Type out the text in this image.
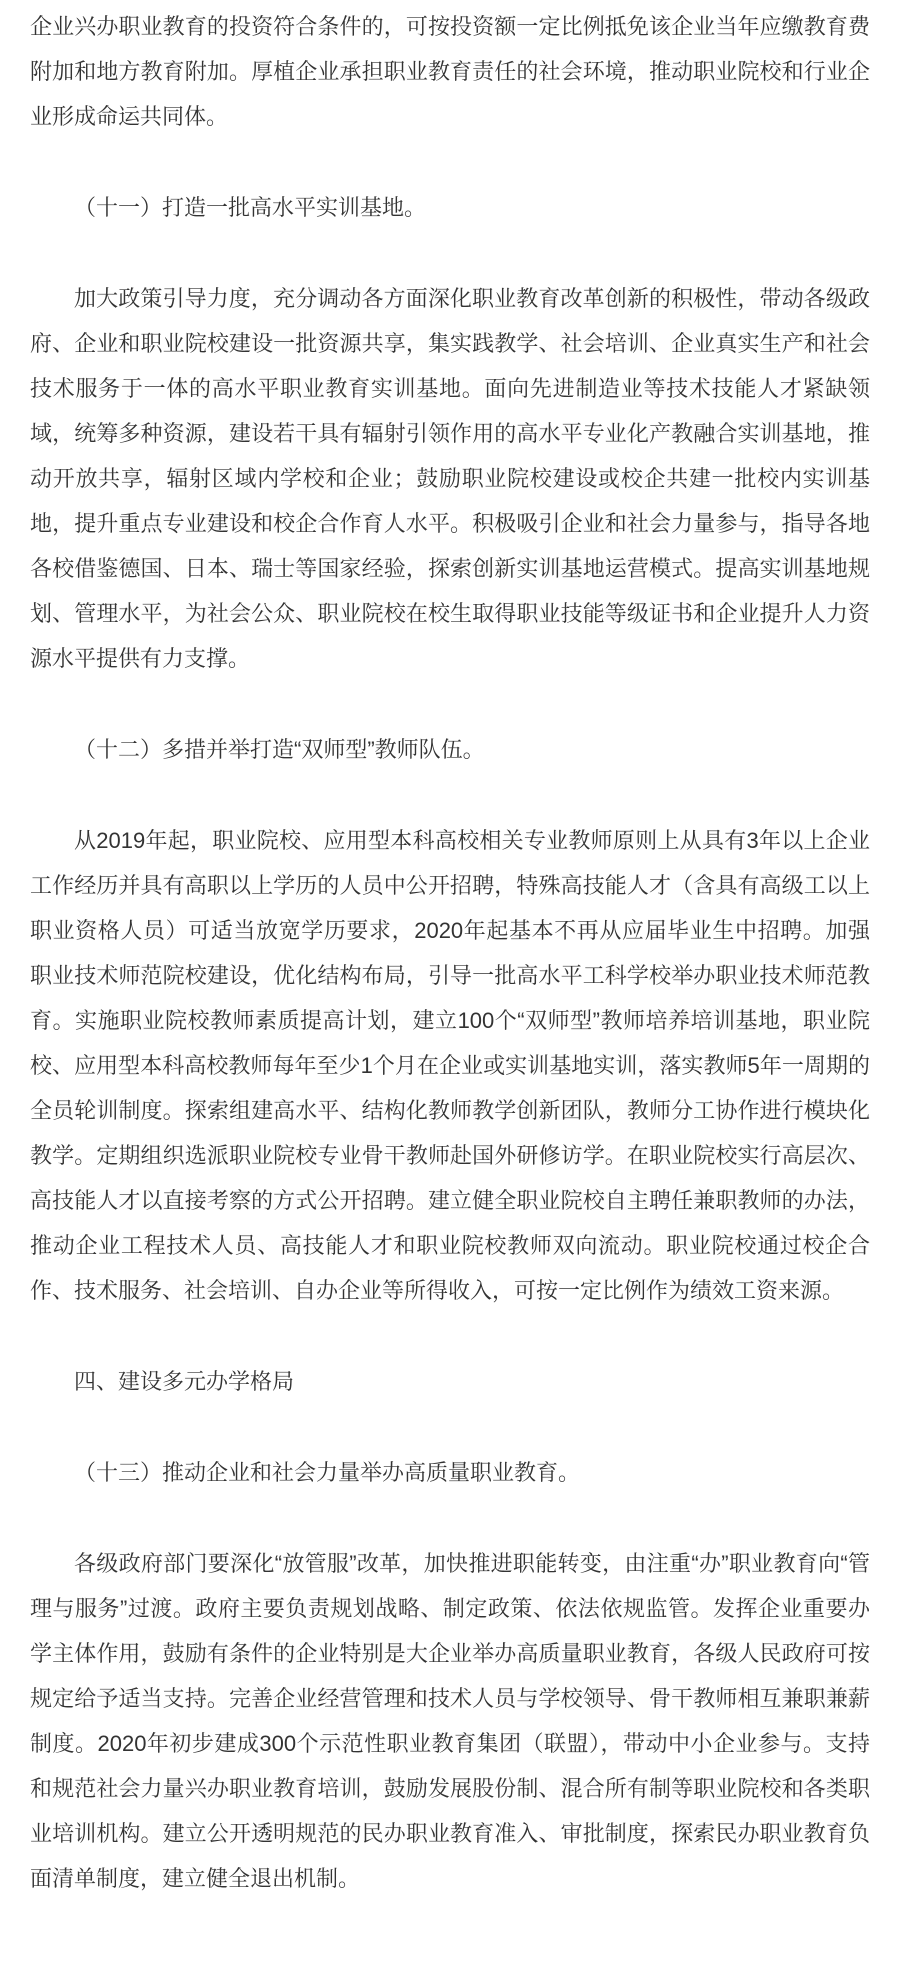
企业兴办职业教育的投资符合条件的，可按投资额一定比例抵免该企业当年应缴教育费附加和地方教育附加。厚植企业承担职业教育责任的社会环境，推动职业院校和行业企业形成命运共同体。

（十一）打造一批高水平实训基地。

加大政策引导力度，充分调动各方面深化职业教育改革创新的积极性，带动各级政府、企业和职业院校建设一批资源共享，集实践教学、社会培训、企业真实生产和社会技术服务于一体的高水平职业教育实训基地。面向先进制造业等技术技能人才紧缺领域，统筹多种资源，建设若干具有辐射引领作用的高水平专业化产教融合实训基地，推动开放共享，辐射区域内学校和企业；鼓励职业院校建设或校企共建一批校内实训基地，提升重点专业建设和校企合作育人水平。积极吸引企业和社会力量参与，指导各地各校借鉴德国、日本、瑞士等国家经验，探索创新实训基地运营模式。提高实训基地规划、管理水平，为社会公众、职业院校在校生取得职业技能等级证书和企业提升人力资源水平提供有力支撑。

（十二）多措并举打造“双师型”教师队伍。

从2019年起，职业院校、应用型本科高校相关专业教师原则上从具有3年以上企业工作经历并具有高职以上学历的人员中公开招聘，特殊高技能人才（含具有高级工以上职业资格人员）可适当放宽学历要求，2020年起基本不再从应届毕业生中招聘。加强职业技术师范院校建设，优化结构布局，引导一批高水平工科学校举办职业技术师范教育。实施职业院校教师素质提高计划，建立100个“双师型”教师培养培训基地，职业院校、应用型本科高校教师每年至少1个月在企业或实训基地实训，落实教师5年一周期的全员轮训制度。探索组建高水平、结构化教师教学创新团队，教师分工协作进行模块化教学。定期组织选派职业院校专业骨干教师赴国外研修访学。在职业院校实行高层次、高技能人才以直接考察的方式公开招聘。建立健全职业院校自主聘任兼职教师的办法，推动企业工程技术人员、高技能人才和职业院校教师双向流动。职业院校通过校企合作、技术服务、社会培训、自办企业等所得收入，可按一定比例作为绩效工资来源。

四、建设多元办学格局

（十三）推动企业和社会力量举办高质量职业教育。

各级政府部门要深化“放管服”改革，加快推进职能转变，由注重“办”职业教育向“管理与服务”过渡。政府主要负责规划战略、制定政策、依法依规监管。发挥企业重要办学主体作用，鼓励有条件的企业特别是大企业举办高质量职业教育，各级人民政府可按规定给予适当支持。完善企业经营管理和技术人员与学校领导、骨干教师相互兼职兼薪制度。2020年初步建成300个示范性职业教育集团（联盟），带动中小企业参与。支持和规范社会力量兴办职业教育培训，鼓励发展股份制、混合所有制等职业院校和各类职业培训机构。建立公开透明规范的民办职业教育准入、审批制度，探索民办职业教育负面清单制度，建立健全退出机制。
